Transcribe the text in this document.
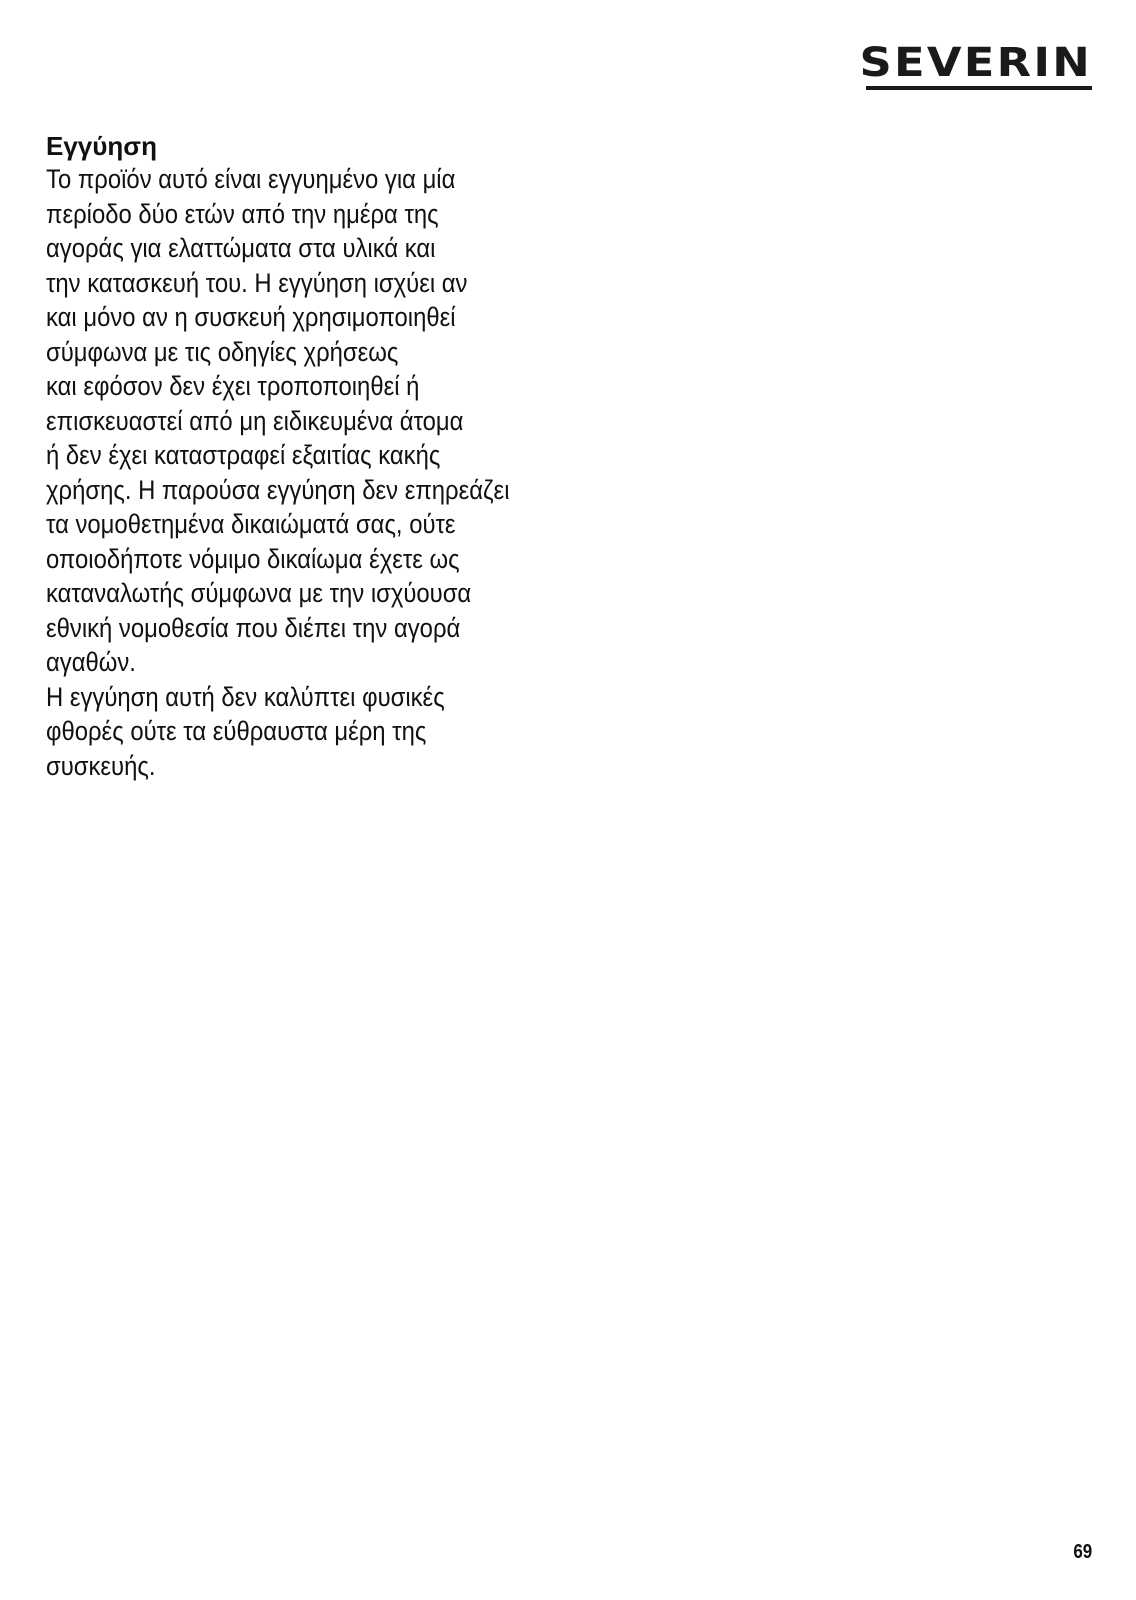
SEVERIN
Εγγύηση
Το προϊόν αυτό είναι εγγυημένο για μία
περίοδο δύο ετών από την ημέρα της
αγοράς για ελαττώματα στα υλικά και
την κατασκευή του. Η εγγύηση ισχύει αν
και μόνο αν η συσκευή χρησιμοποιηθεί
σύμφωνα με τις οδηγίες χρήσεως
και εφόσον δεν έχει τροποποιηθεί ή
επισκευαστεί από μη ειδικευμένα άτομα
ή δεν έχει καταστραφεί εξαιτίας κακής
χρήσης. Η παρούσα εγγύηση δεν επηρεάζει
τα νομοθετημένα δικαιώματά σας, ούτε
οποιοδήποτε νόμιμο δικαίωμα έχετε ως
καταναλωτής σύμφωνα με την ισχύουσα
εθνική νομοθεσία που διέπει την αγορά
αγαθών.
Η εγγύηση αυτή δεν καλύπτει φυσικές
φθορές ούτε τα εύθραυστα μέρη της
συσκευής.
69
